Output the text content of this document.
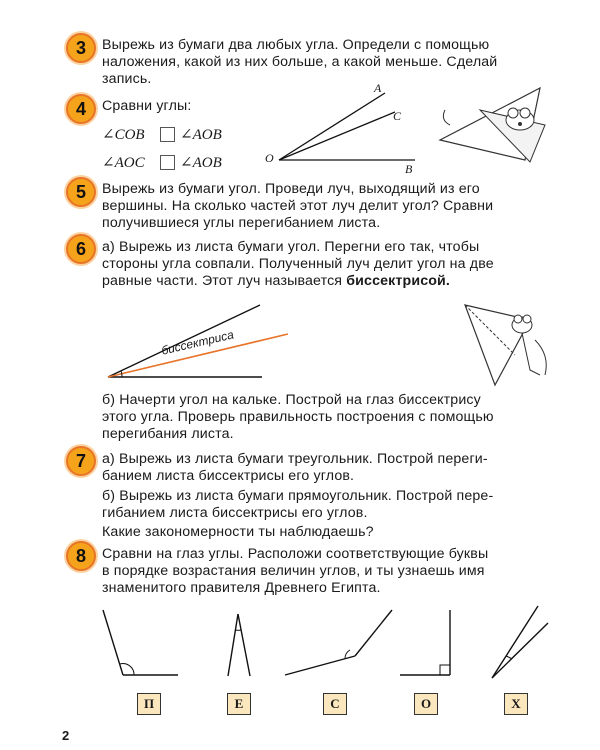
3	Вырежь из бумаги два любых угла. Определи с помощью
наложения, какой из них больше, а какой меньше. Сделай
запись.

4	Сравни углы:

∠COB ∠AOB
∠AOC ∠AOB
A
C
O
B
5	Вырежь из бумаги угол. Проведи луч, выходящий из его
вершины. На сколько частей этот луч делит угол? Сравни
получившиеся углы перегибанием листа.

6	а) Вырежь из листа бумаги угол. Перегни его так, чтобы
стороны угла совпали. Полученный луч делит угол на две
равные части. Этот луч называется биссектрисой.

биссектриса

б) Начерти угол на кальке. Построй на глаз биссектрису
этого угла. Проверь правильность построения с помощью
перегибания листа.

7	а) Вырежь из листа бумаги треугольник. Построй переги-
банием листа биссектрисы его углов.

б) Вырежь из листа бумаги прямоугольник. Построй пере-
гибанием листа биссектрисы его углов.

Какие закономерности ты наблюдаешь?

8	Сравни на глаз углы. Расположи соответствующие буквы
в порядке возрастания величин углов, и ты узнаешь имя
знаменитого правителя Древнего Египта.

П	Е	С	О	Х
2
